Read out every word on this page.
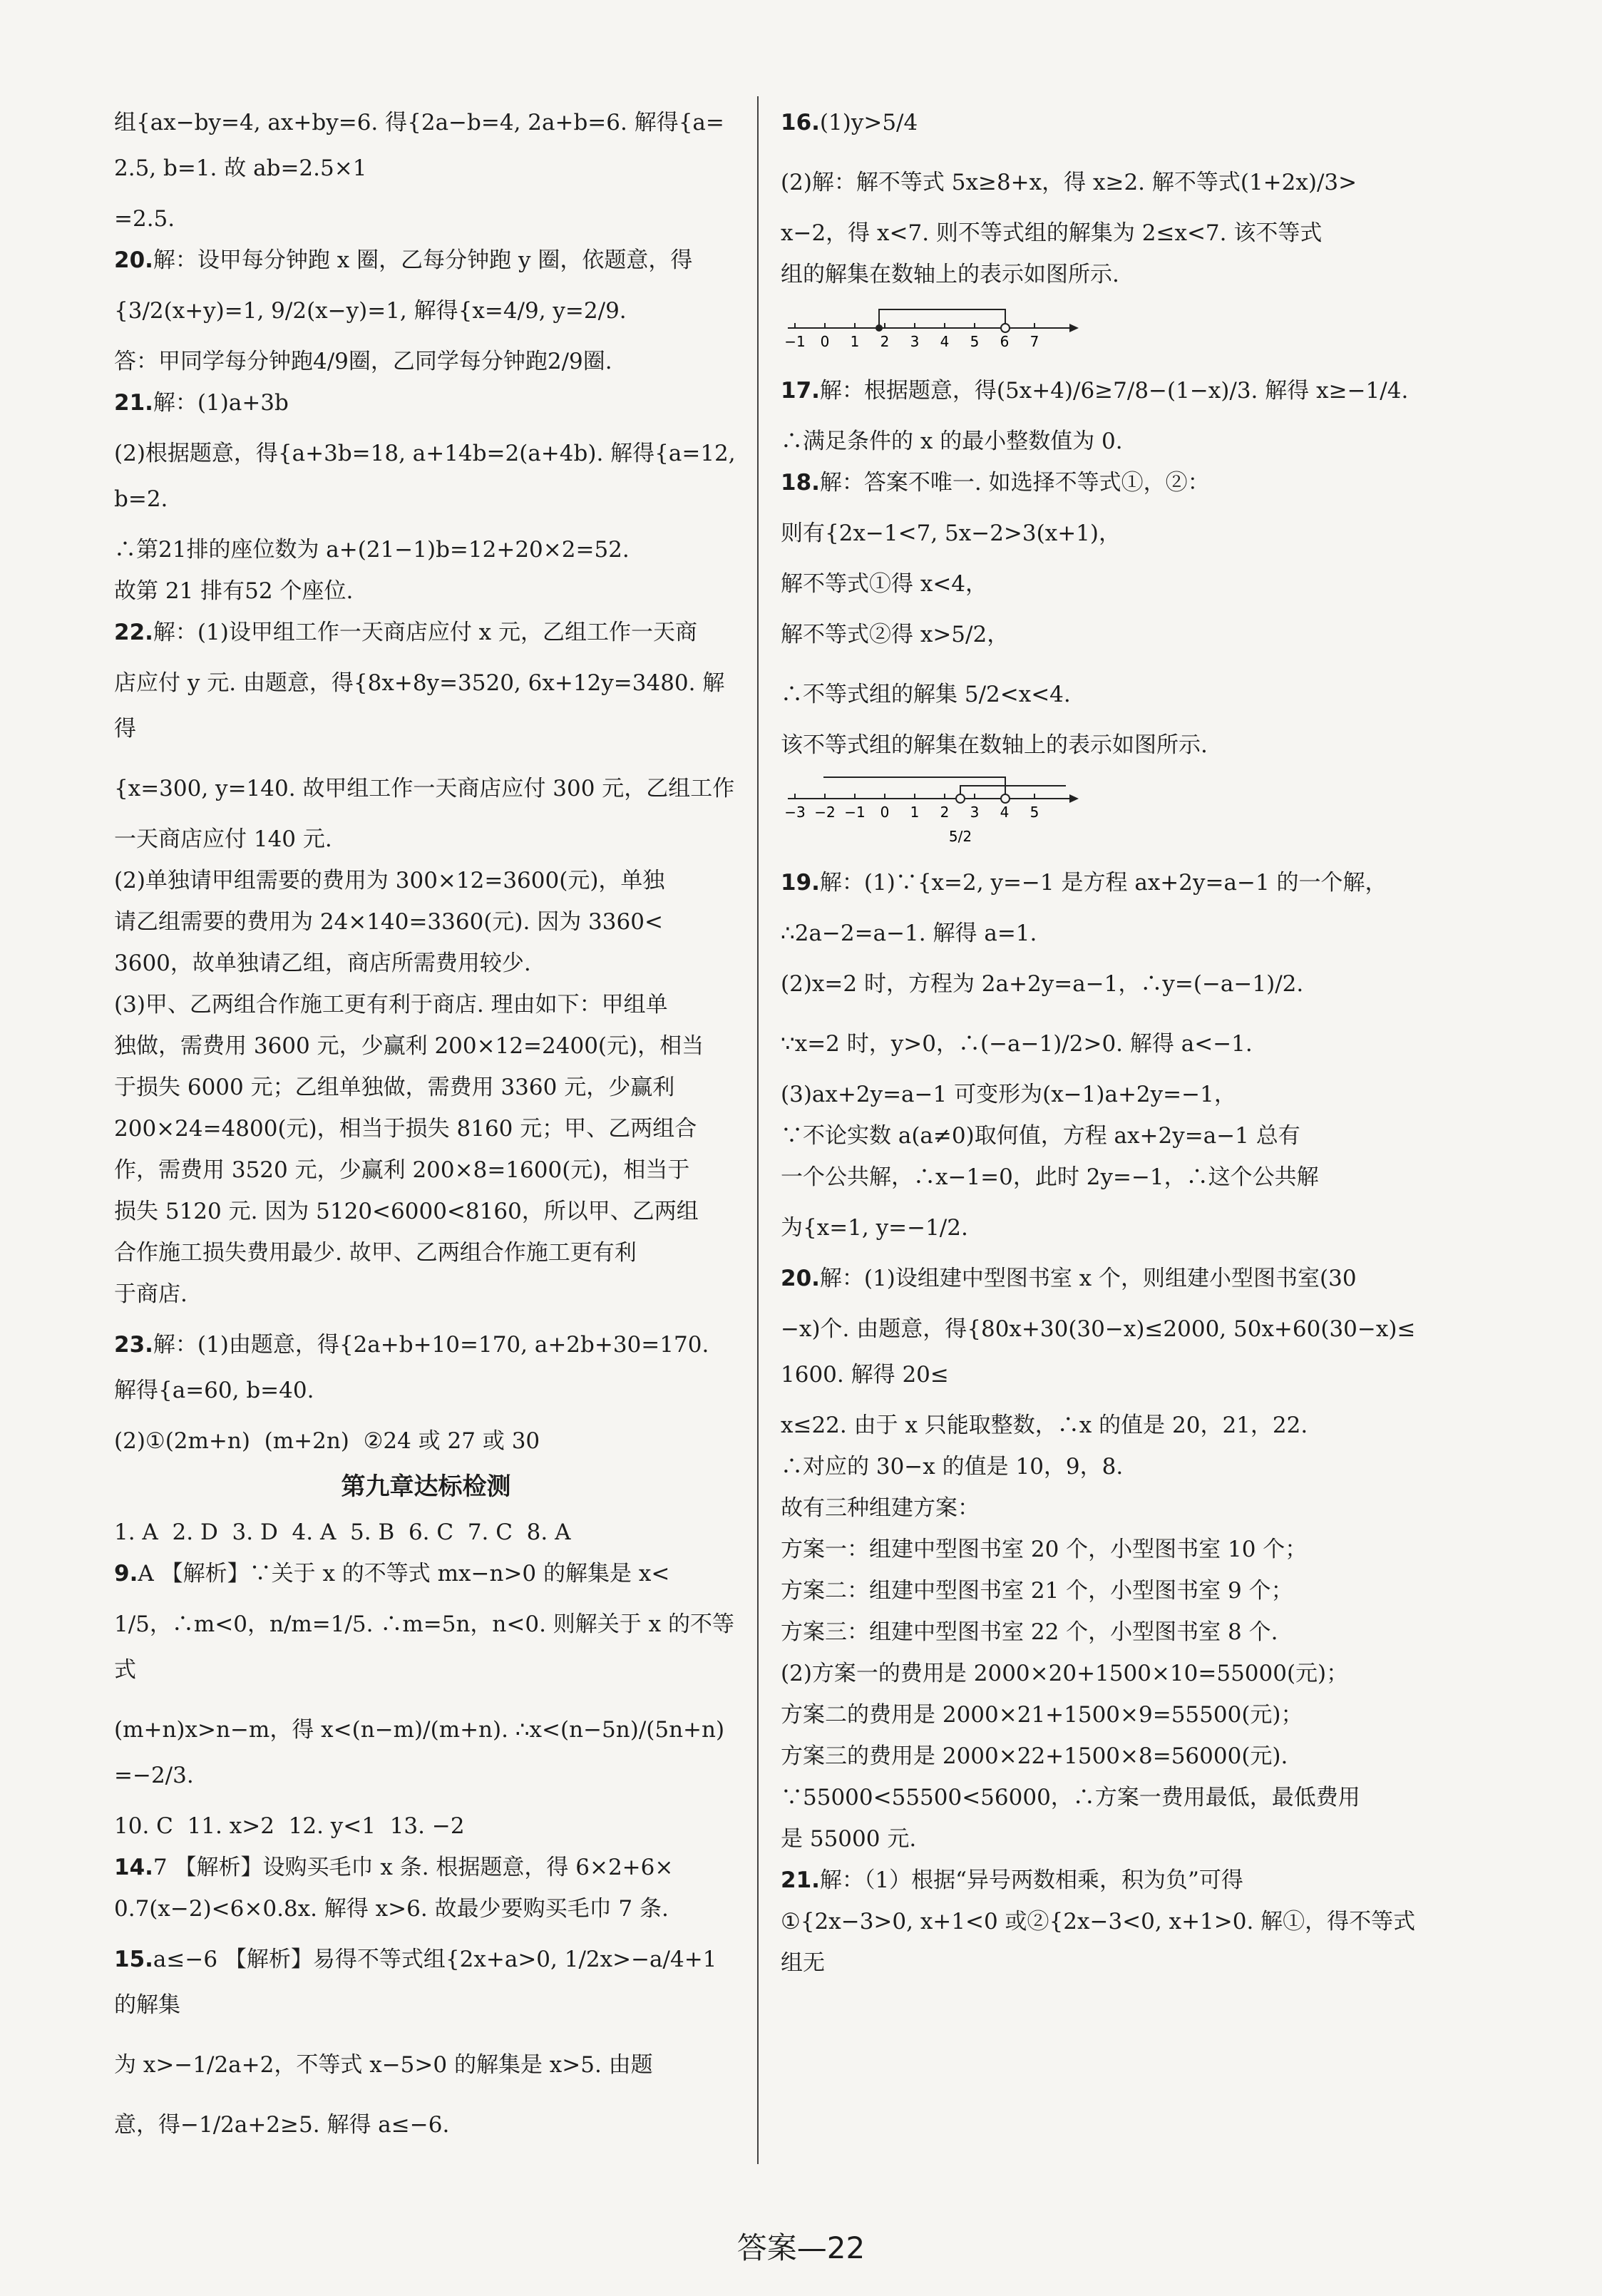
组{ax−by=4, ax+by=6. 得{2a−b=4, 2a+b=6. 解得{a=2.5, b=1. 故 ab=2.5×1
=2.5.
20.解：设甲每分钟跑 x 圈，乙每分钟跑 y 圈，依题意，得
{3/2(x+y)=1, 9/2(x−y)=1, 解得{x=4/9, y=2/9.
答：甲同学每分钟跑4/9圈，乙同学每分钟跑2/9圈.
21.解：(1)a+3b
(2)根据题意，得{a+3b=18, a+14b=2(a+4b). 解得{a=12, b=2.
∴第21排的座位数为 a+(21−1)b=12+20×2=52.
故第 21 排有52 个座位.
22.解：(1)设甲组工作一天商店应付 x 元，乙组工作一天商
店应付 y 元. 由题意，得{8x+8y=3520, 6x+12y=3480. 解得
{x=300, y=140. 故甲组工作一天商店应付 300 元，乙组工作
一天商店应付 140 元.
(2)单独请甲组需要的费用为 300×12=3600(元)，单独
请乙组需要的费用为 24×140=3360(元). 因为 3360<
3600，故单独请乙组，商店所需费用较少.
(3)甲、乙两组合作施工更有利于商店. 理由如下：甲组单
独做，需费用 3600 元，少赢利 200×12=2400(元)，相当
于损失 6000 元；乙组单独做，需费用 3360 元，少赢利
200×24=4800(元)，相当于损失 8160 元；甲、乙两组合
作，需费用 3520 元，少赢利 200×8=1600(元)，相当于
损失 5120 元. 因为 5120<6000<8160，所以甲、乙两组
合作施工损失费用最少. 故甲、乙两组合作施工更有利
于商店.
23.解：(1)由题意，得{2a+b+10=170, a+2b+30=170. 解得{a=60, b=40.
(2)①(2m+n)  (m+2n)  ②24 或 27 或 30
第九章达标检测
1. A  2. D  3. D  4. A  5. B  6. C  7. C  8. A
9.A 【解析】∵关于 x 的不等式 mx−n>0 的解集是 x<
1/5，∴m<0，n/m=1/5. ∴m=5n，n<0. 则解关于 x 的不等式
(m+n)x>n−m，得 x<(n−m)/(m+n). ∴x<(n−5n)/(5n+n)=−2/3.
10. C  11. x>2  12. y<1  13. −2
14.7 【解析】设购买毛巾 x 条. 根据题意，得 6×2+6×
0.7(x−2)<6×0.8x. 解得 x>6. 故最少要购买毛巾 7 条.
15.a≤−6 【解析】易得不等式组{2x+a>0, 1/2x>−a/4+1 的解集
为 x>−1/2a+2，不等式 x−5>0 的解集是 x>5. 由题
意，得−1/2a+2≥5. 解得 a≤−6.
16.(1)y>5/4
(2)解：解不等式 5x≥8+x，得 x≥2. 解不等式(1+2x)/3>
x−2，得 x<7. 则不等式组的解集为 2≤x<7. 该不等式
组的解集在数轴上的表示如图所示.
−1 0 1 2 3 4 5 6 7
17.解：根据题意，得(5x+4)/6≥7/8−(1−x)/3. 解得 x≥−1/4.
∴满足条件的 x 的最小整数值为 0.
18.解：答案不唯一. 如选择不等式①，②：
则有{2x−1<7, 5x−2>3(x+1)，
解不等式①得 x<4，
解不等式②得 x>5/2，
∴不等式组的解集 5/2<x<4.
该不等式组的解集在数轴上的表示如图所示.
−3 −2 −1 0 1 2 3 4 5
5/2
19.解：(1)∵{x=2, y=−1 是方程 ax+2y=a−1 的一个解，
∴2a−2=a−1. 解得 a=1.
(2)x=2 时，方程为 2a+2y=a−1，∴y=(−a−1)/2.
∵x=2 时，y>0，∴(−a−1)/2>0. 解得 a<−1.
(3)ax+2y=a−1 可变形为(x−1)a+2y=−1，
∵不论实数 a(a≠0)取何值，方程 ax+2y=a−1 总有
一个公共解，∴x−1=0，此时 2y=−1，∴这个公共解
为{x=1, y=−1/2.
20.解：(1)设组建中型图书室 x 个，则组建小型图书室(30
−x)个. 由题意，得{80x+30(30−x)≤2000, 50x+60(30−x)≤1600. 解得 20≤
x≤22. 由于 x 只能取整数，∴x 的值是 20，21，22.
∴对应的 30−x 的值是 10，9，8.
故有三种组建方案：
方案一：组建中型图书室 20 个，小型图书室 10 个；
方案二：组建中型图书室 21 个，小型图书室 9 个；
方案三：组建中型图书室 22 个，小型图书室 8 个.
(2)方案一的费用是 2000×20+1500×10=55000(元)；
方案二的费用是 2000×21+1500×9=55500(元)；
方案三的费用是 2000×22+1500×8=56000(元).
∵55000<55500<56000，∴方案一费用最低，最低费用
是 55000 元.
21.解：（1）根据“异号两数相乘，积为负”可得
①{2x−3>0, x+1<0 或②{2x−3<0, x+1>0. 解①，得不等式组无
答案—22
